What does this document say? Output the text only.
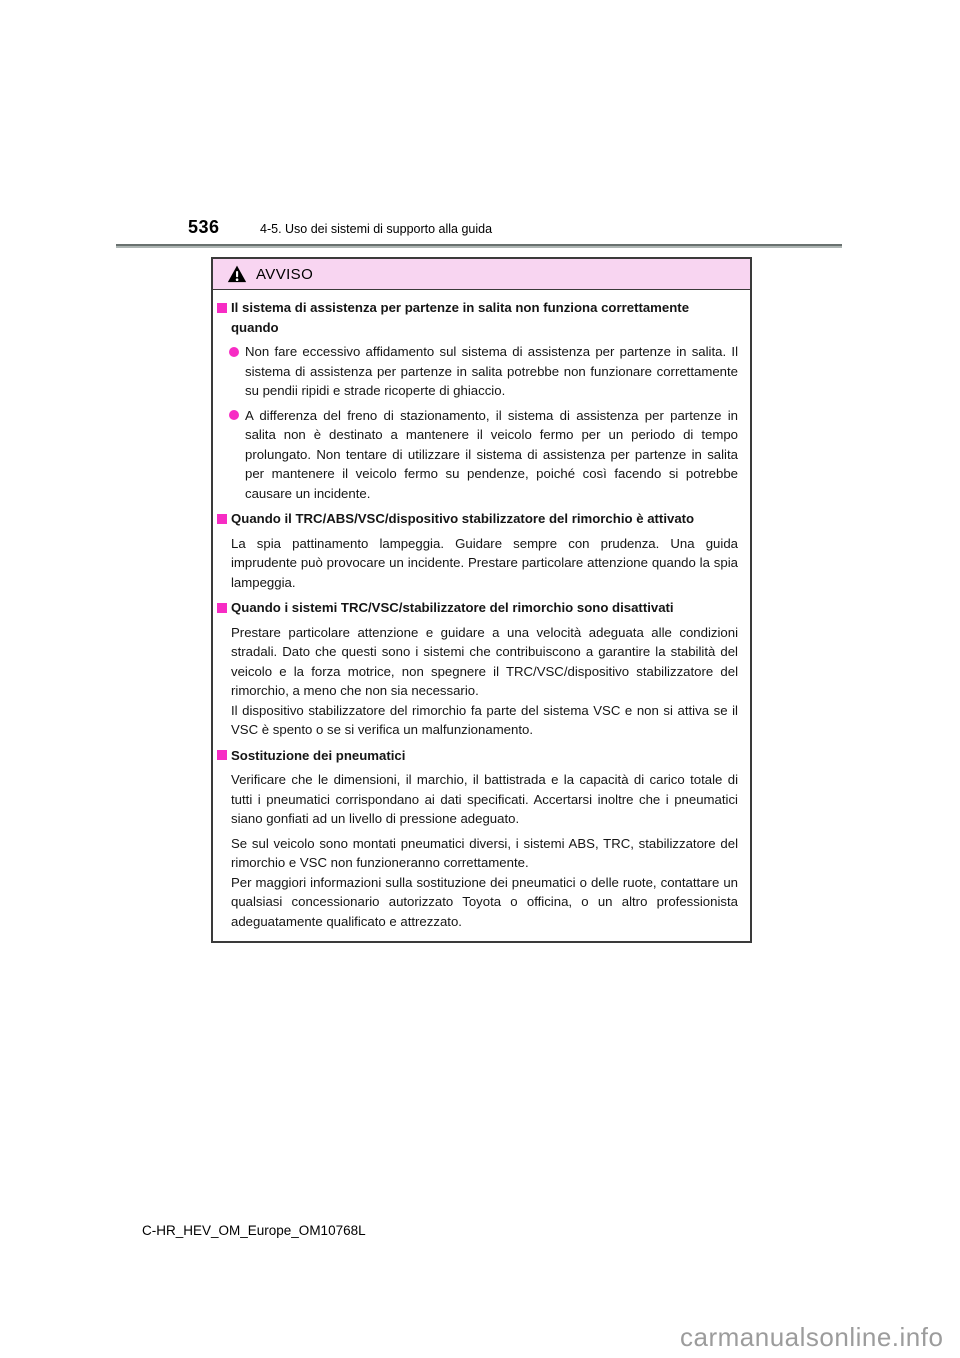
536	4-5. Uso dei sistemi di supporto alla guida
AVVISO
Il sistema di assistenza per partenze in salita non funziona correttamente quando
Non fare eccessivo affidamento sul sistema di assistenza per partenze in salita. Il sistema di assistenza per partenze in salita potrebbe non funzionare correttamente su pendii ripidi e strade ricoperte di ghiaccio.
A differenza del freno di stazionamento, il sistema di assistenza per partenze in salita non è destinato a mantenere il veicolo fermo per un periodo di tempo prolungato. Non tentare di utilizzare il sistema di assistenza per partenze in salita per mantenere il veicolo fermo su pendenze, poiché così facendo si potrebbe causare un incidente.
Quando il TRC/ABS/VSC/dispositivo stabilizzatore del rimorchio è attivato
La spia pattinamento lampeggia. Guidare sempre con prudenza. Una guida imprudente può provocare un incidente. Prestare particolare attenzione quando la spia lampeggia.
Quando i sistemi TRC/VSC/stabilizzatore del rimorchio sono disattivati
Prestare particolare attenzione e guidare a una velocità adeguata alle condizioni stradali. Dato che questi sono i sistemi che contribuiscono a garantire la stabilità del veicolo e la forza motrice, non spegnere il TRC/VSC/dispositivo stabilizzatore del rimorchio, a meno che non sia necessario.
Il dispositivo stabilizzatore del rimorchio fa parte del sistema VSC e non si attiva se il VSC è spento o se si verifica un malfunzionamento.
Sostituzione dei pneumatici
Verificare che le dimensioni, il marchio, il battistrada e la capacità di carico totale di tutti i pneumatici corrispondano ai dati specificati. Accertarsi inoltre che i pneumatici siano gonfiati ad un livello di pressione adeguato.
Se sul veicolo sono montati pneumatici diversi, i sistemi ABS, TRC, stabilizzatore del rimorchio e VSC non funzioneranno correttamente.
Per maggiori informazioni sulla sostituzione dei pneumatici o delle ruote, contattare un qualsiasi concessionario autorizzato Toyota o officina, o un altro professionista adeguatamente qualificato e attrezzato.
C-HR_HEV_OM_Europe_OM10768L
carmanualsonline.info
